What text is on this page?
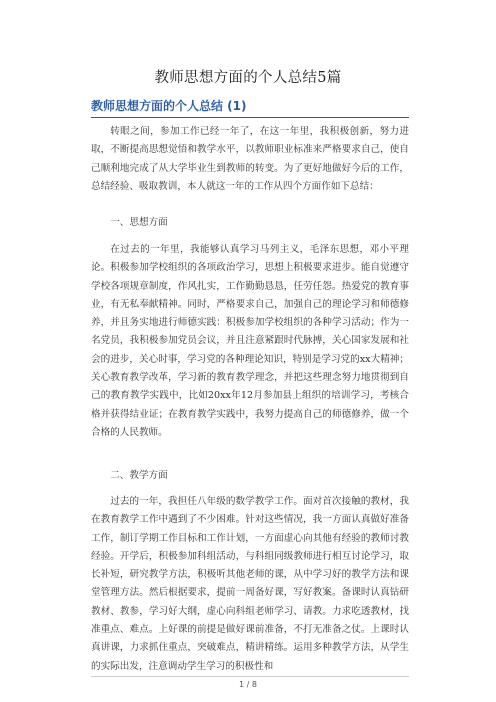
教师思想方面的个人总结5篇
教师思想方面的个人总结 (1)

转眼之间，参加工作已经一年了，在这一年里，我积极创新，努力进取，不断提高思想觉悟和教学水平，以教师职业标准来严格要求自己，使自己顺利地完成了从大学毕业生到教师的转变。为了更好地做好今后的工作，总结经验、吸取教训，本人就这一年的工作从四个方面作如下总结：

一、思想方面

在过去的一年里，我能够认真学习马列主义，毛泽东思想，邓小平理论。积极参加学校组织的各项政治学习，思想上积极要求进步。能自觉遵守学校各项规章制度，作风扎实，工作勤勤恳恳，任劳任怨。热爱党的教育事业，有无私奉献精神。同时，严格要求自己，加强自己的理论学习和师德修养，并且务实地进行师德实践：积极参加学校组织的各种学习活动；作为一名党员，我积极参加党员会议，并且注意紧跟时代脉搏，关心国家发展和社会的进步，关心时事，学习党的各种理论知识，特别是学习党的xx大精神；关心教育教学改革，学习新的教育教学理念，并把这些理念努力地贯彻到自己的教育教学实践中，比如20xx年12月参加县上组织的培训学习，考核合格并获得结业证；在教育教学实践中，我努力提高自己的师德修养，做一个合格的人民教师。

二、教学方面

过去的一年，我担任八年级的数学教学工作。面对首次接触的教材，我在教育教学工作中遇到了不少困难。针对这些情况，我一方面认真做好准备工作，制订学期工作目标和工作计划，一方面虚心向其他有经验的教师讨教经验。开学后，积极参加科组活动，与科组同级教师进行相互讨论学习，取长补短，研究教学方法，积极听其他老师的课，从中学习好的教学方法和课堂管理方法。然后根据要求，提前一周备好课，写好教案。备课时认真钻研教材、教参，学习好大纲，虚心向科组老师学习、请教。力求吃透教材，找准重点、难点。上好课的前提是做好课前准备，不打无准备之仗。上课时认真讲课，力求抓住重点，突破难点，精讲精练。运用多种教学方法，从学生的实际出发，注意调动学生学习的积极性和

1 / 8
